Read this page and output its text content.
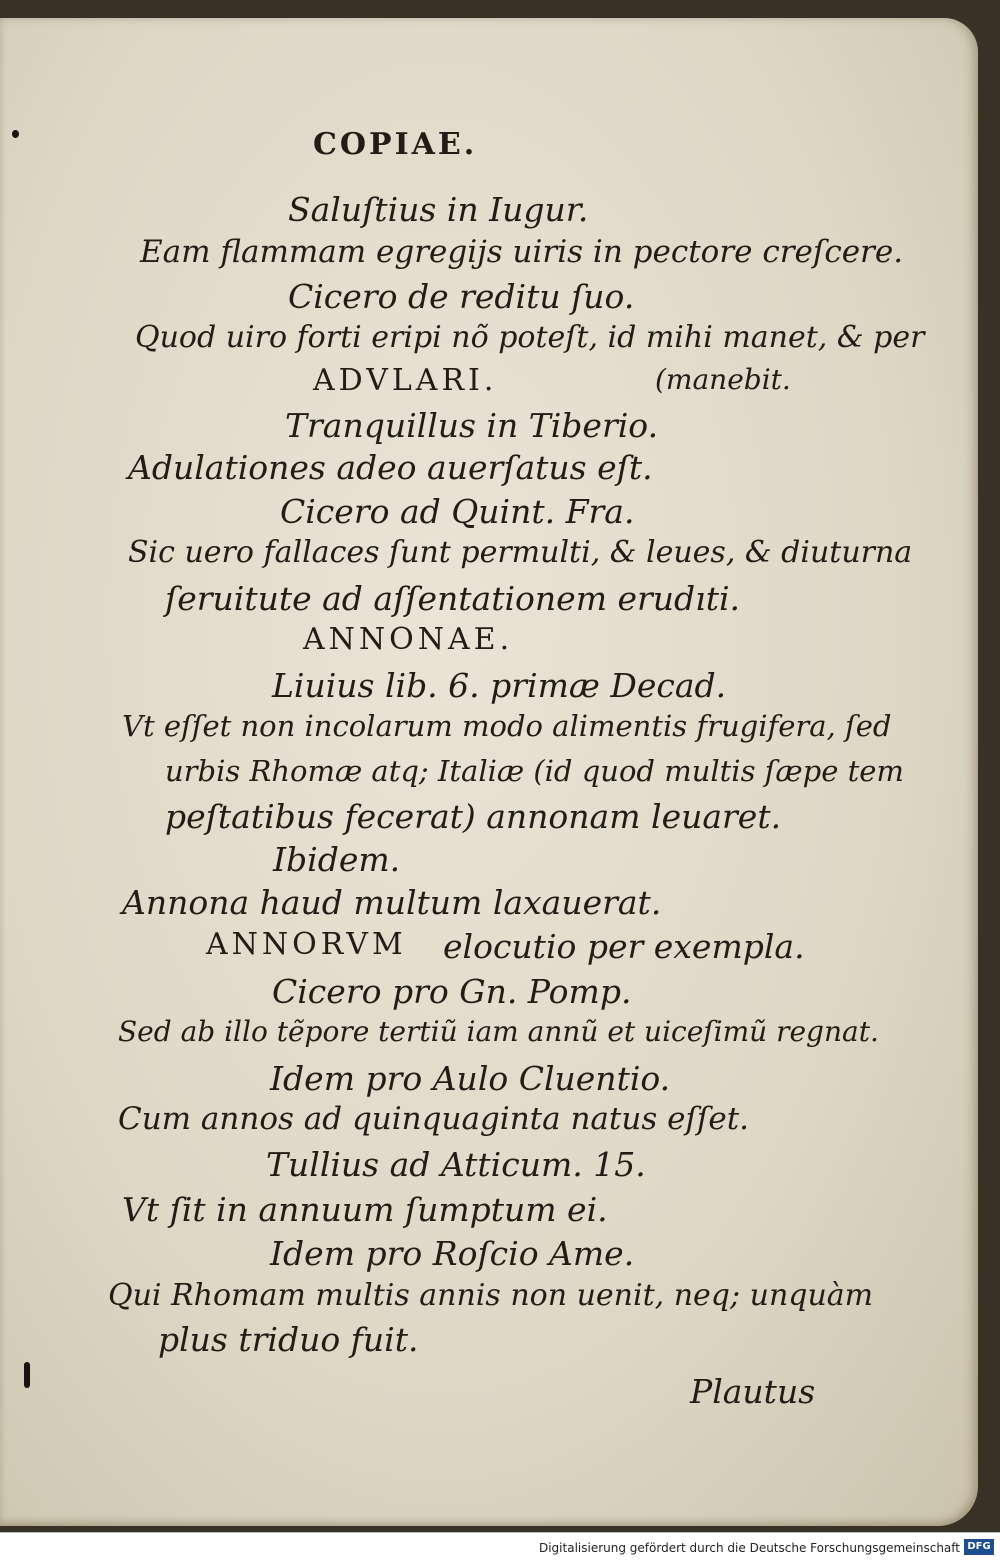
COPIAE.
Saluſtius in Iugur.
Eam flammam egregijs uiris in pectore creſcere.
Cicero de reditu ſuo.
Quod uiro forti eripi nõ poteſt, id mihi manet, & per
ADVLARI.	(manebit.
Tranquillus in Tiberio.
Adulationes adeo auerſatus eſt.
Cicero ad Quint. Fra.
Sic uero fallaces ſunt permulti, & leues, & diuturna
ſeruitute ad aſſentationem erudıti.
ANNONAE.
Liuius lib. 6. primæ Decad.
Vt eſſet non incolarum modo alimentis frugifera, ſed
urbis Rhomæ atq; Italiæ (id quod multis ſæpe tem
peſtatibus fecerat) annonam leuaret.
Ibidem.
Annona haud multum laxauerat.
ANNORVM elocutio per exempla.
Cicero pro Gn. Pomp.
Sed ab illo tẽpore tertiũ iam annũ et uiceſimũ regnat.
Idem pro Aulo Cluentio.
Cum annos ad quinquaginta natus eſſet.
Tullius ad Atticum. 15.
Vt ſit in annuum ſumptum ei.
Idem pro Roſcio Ame.
Qui Rhomam multis annis non uenit, neq; unquàm
plus triduo fuit.
Plautus
Digitalisierung gefördert durch die Deutsche Forschungsgemeinschaft DFG
